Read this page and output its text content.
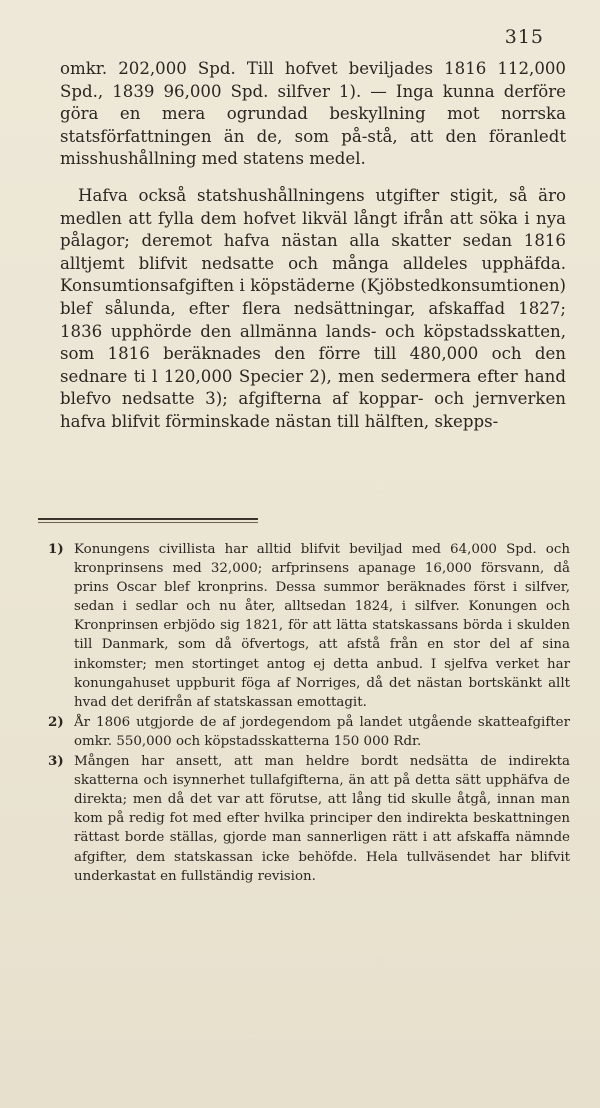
315

omkr. 202,000 Spd. Till hofvet beviljades 1816 112,000 Spd., 1839 96,000 Spd. silfver 1). — Inga kunna derföre göra en mera ogrundad beskyllning mot norrska statsförfattningen än de, som på-stå, att den föranledt misshushållning med statens medel.

Hafva också statshushållningens utgifter stigit, så äro medlen att fylla dem hofvet likväl långt ifrån att söka i nya pålagor; deremot hafva nästan alla skatter sedan 1816 alltjemt blifvit nedsatte och många alldeles upphäfda. Konsumtionsafgiften i köpstäderne (Kjöbstedkonsumtionen) blef sålunda, efter flera nedsättningar, afskaffad 1827; 1836 upphörde den allmänna lands- och köpstadsskatten, som 1816 beräknades den förre till 480,000 och den sednare ti l 120,000 Specier 2), men sedermera efter hand blefvo nedsatte 3); afgifterna af koppar- och jernverken hafva blifvit förminskade nästan till hälften, skepps-

1) Konungens civillista har alltid blifvit beviljad med 64,000 Spd. och kronprinsens med 32,000; arfprinsens apanage 16,000 försvann, då prins Oscar blef kronprins. Dessa summor beräknades först i silfver, sedan i sedlar och nu åter, alltsedan 1824, i silfver. Konungen och Kronprinsen erbjödo sig 1821, för att lätta statskassans börda i skulden till Danmark, som då öfvertogs, att afstå från en stor del af sina inkomster; men stortinget antog ej detta anbud. I sjelfva verket har konungahuset uppburit föga af Norriges, då det nästan bortskänkt allt hvad det derifrån af statskassan emottagit.
2) År 1806 utgjorde de af jordegendom på landet utgående skatteafgifter omkr. 550,000 och köpstadsskatterna 150 000 Rdr.
3) Mången har ansett, att man heldre bordt nedsätta de indirekta skatterna och isynnerhet tullafgifterna, än att på detta sätt upphäfva de direkta; men då det var att förutse, att lång tid skulle åtgå, innan man kom på redig fot med efter hvilka principer den indirekta beskattningen rättast borde ställas, gjorde man sannerligen rätt i att afskaffa nämnde afgifter, dem statskassan icke behöfde. Hela tullväsendet har blifvit underkastat en fullständig revision.
